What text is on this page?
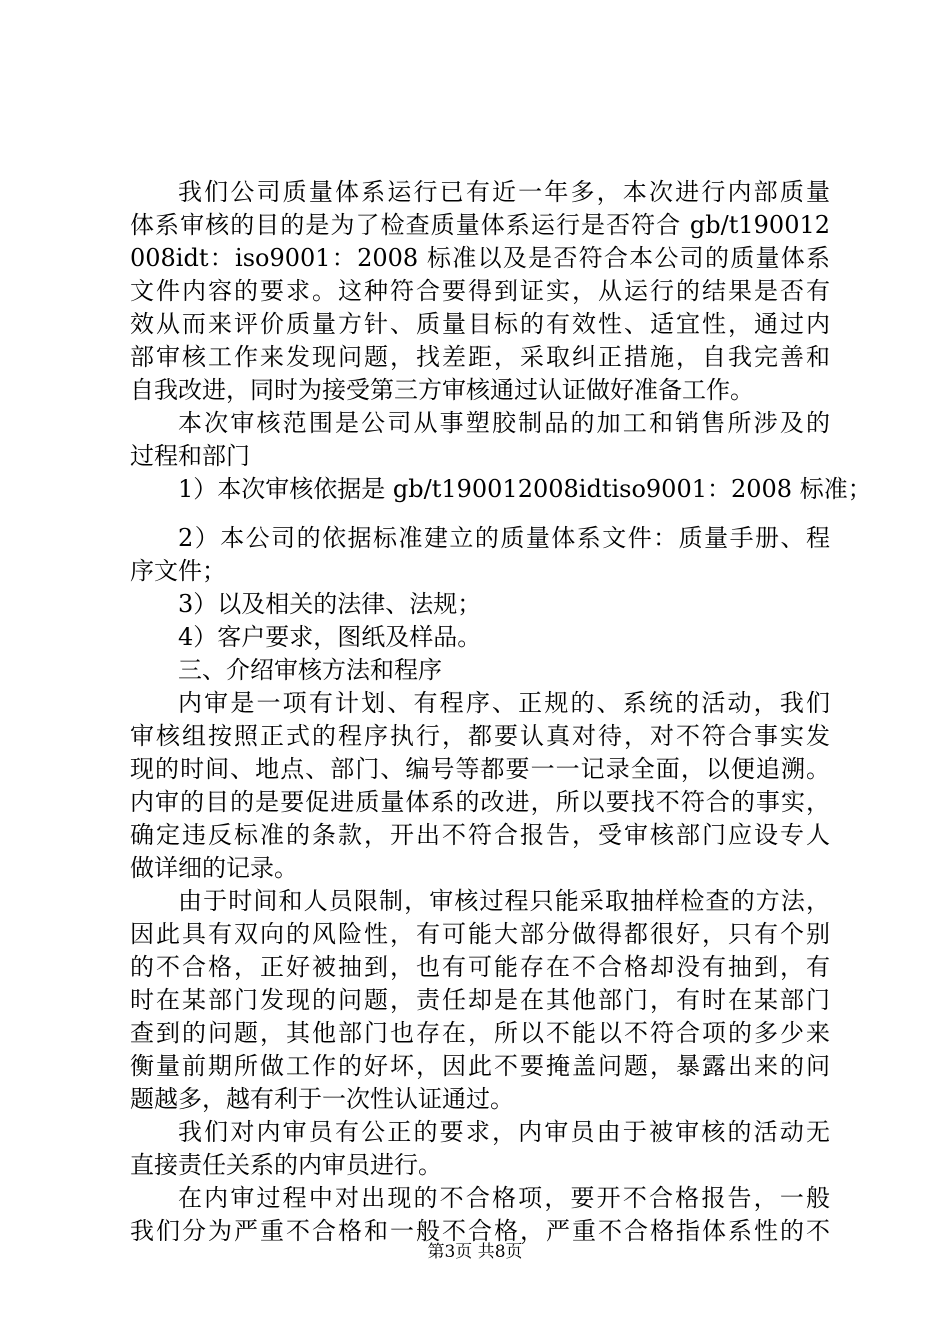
我们公司质量体系运行已有近一年多，本次进行内部质量
体系审核的目的是为了检查质量体系运行是否符合 gb/t190012
008idt：iso9001：2008 标准以及是否符合本公司的质量体系
文件内容的要求。这种符合要得到证实，从运行的结果是否有
效从而来评价质量方针、质量目标的有效性、适宜性，通过内
部审核工作来发现问题，找差距，采取纠正措施，自我完善和
自我改进，同时为接受第三方审核通过认证做好准备工作。
本次审核范围是公司从事塑胶制品的加工和销售所涉及的
过程和部门
1）本次审核依据是 gb/t190012008idtiso9001：2008 标准；
2）本公司的依据标准建立的质量体系文件：质量手册、程
序文件；
3）以及相关的法律、法规；
4）客户要求，图纸及样品。
三、介绍审核方法和程序
内审是一项有计划、有程序、正规的、系统的活动，我们
审核组按照正式的程序执行，都要认真对待，对不符合事实发
现的时间、地点、部门、编号等都要一一记录全面，以便追溯。
内审的目的是要促进质量体系的改进，所以要找不符合的事实，
确定违反标准的条款，开出不符合报告，受审核部门应设专人
做详细的记录。
由于时间和人员限制，审核过程只能采取抽样检查的方法，
因此具有双向的风险性，有可能大部分做得都很好，只有个别
的不合格，正好被抽到，也有可能存在不合格却没有抽到，有
时在某部门发现的问题，责任却是在其他部门，有时在某部门
查到的问题，其他部门也存在，所以不能以不符合项的多少来
衡量前期所做工作的好坏，因此不要掩盖问题，暴露出来的问
题越多，越有利于一次性认证通过。
我们对内审员有公正的要求，内审员由于被审核的活动无
直接责任关系的内审员进行。
在内审过程中对出现的不合格项，要开不合格报告，一般
我们分为严重不合格和一般不合格，严重不合格指体系性的不
第3页 共8页
